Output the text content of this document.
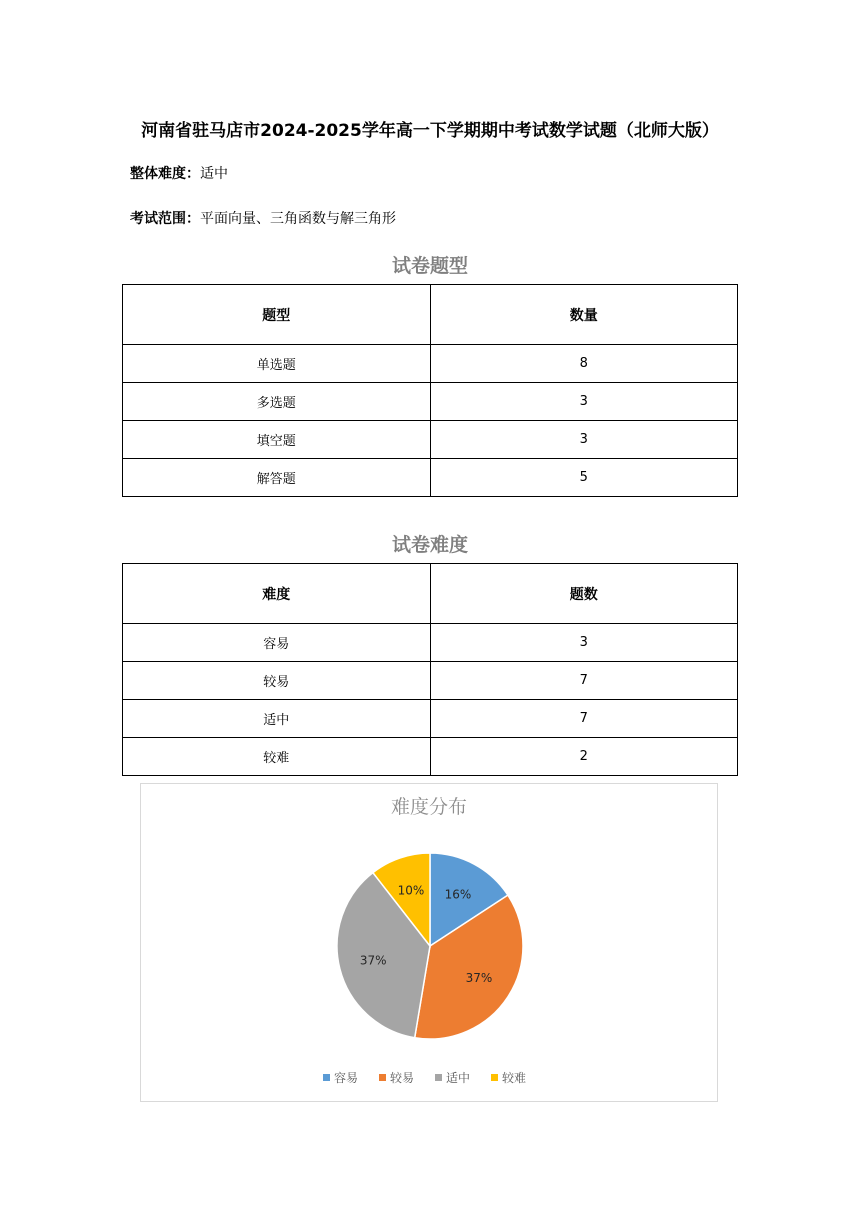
河南省驻马店市2024-2025学年高一下学期期中考试数学试题（北师大版）
整体难度：适中
考试范围：平面向量、三角函数与解三角形
试卷题型
题型	数量
单选题	8
多选题	3
填空题	3
解答题	5
试卷难度
难度	题数
容易	3
较易	7
适中	7
较难	2
难度分布
16%
37%
37%
10%
容易	较易	适中	较难
